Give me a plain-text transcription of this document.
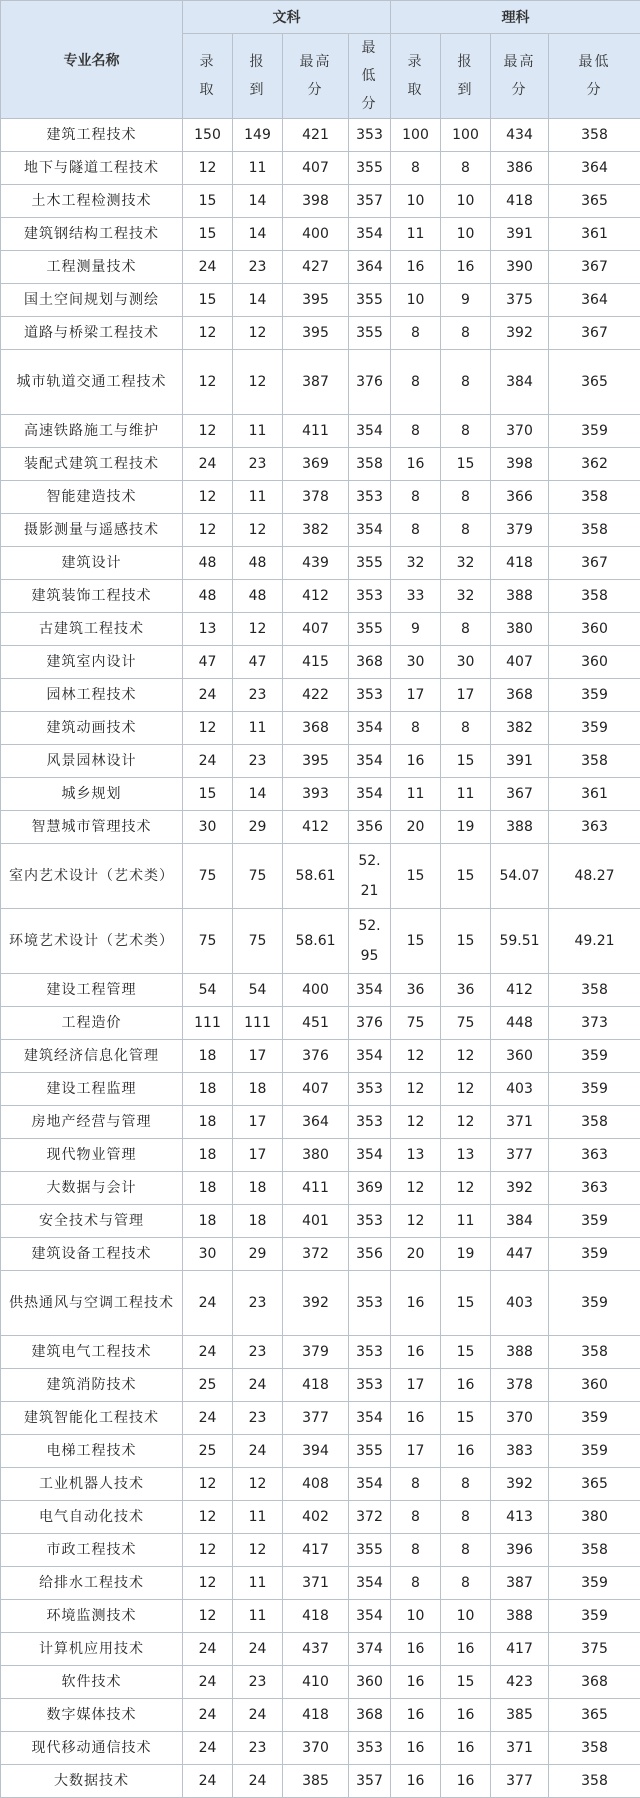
专业名称	文科				理科			

	录取	报到	最高分	最低分	录取	报到	最高分	最低分

建筑工程技术	150	149	421	353	100	100	434	358
地下与隧道工程技术	12	11	407	355	8	8	386	364
土木工程检测技术	15	14	398	357	10	10	418	365
建筑钢结构工程技术	15	14	400	354	11	10	391	361
工程测量技术	24	23	427	364	16	16	390	367
国土空间规划与测绘	15	14	395	355	10	9	375	364
道路与桥梁工程技术	12	12	395	355	8	8	392	367
城市轨道交通工程技术	12	12	387	376	8	8	384	365
高速铁路施工与维护	12	11	411	354	8	8	370	359
装配式建筑工程技术	24	23	369	358	16	15	398	362
智能建造技术	12	11	378	353	8	8	366	358
摄影测量与遥感技术	12	12	382	354	8	8	379	358
建筑设计	48	48	439	355	32	32	418	367
建筑装饰工程技术	48	48	412	353	33	32	388	358
古建筑工程技术	13	12	407	355	9	8	380	360
建筑室内设计	47	47	415	368	30	30	407	360
园林工程技术	24	23	422	353	17	17	368	359
建筑动画技术	12	11	368	354	8	8	382	359
风景园林设计	24	23	395	354	16	15	391	358
城乡规划	15	14	393	354	11	11	367	361
智慧城市管理技术	30	29	412	356	20	19	388	363
室内艺术设计（艺术类）	75	75	58.61	52.21	15	15	54.07	48.27
环境艺术设计（艺术类）	75	75	58.61	52.95	15	15	59.51	49.21
建设工程管理	54	54	400	354	36	36	412	358
工程造价	111	111	451	376	75	75	448	373
建筑经济信息化管理	18	17	376	354	12	12	360	359
建设工程监理	18	18	407	353	12	12	403	359
房地产经营与管理	18	17	364	353	12	12	371	358
现代物业管理	18	17	380	354	13	13	377	363
大数据与会计	18	18	411	369	12	12	392	363
安全技术与管理	18	18	401	353	12	11	384	359
建筑设备工程技术	30	29	372	356	20	19	447	359
供热通风与空调工程技术	24	23	392	353	16	15	403	359
建筑电气工程技术	24	23	379	353	16	15	388	358
建筑消防技术	25	24	418	353	17	16	378	360
建筑智能化工程技术	24	23	377	354	16	15	370	359
电梯工程技术	25	24	394	355	17	16	383	359
工业机器人技术	12	12	408	354	8	8	392	365
电气自动化技术	12	11	402	372	8	8	413	380
市政工程技术	12	12	417	355	8	8	396	358
给排水工程技术	12	11	371	354	8	8	387	359
环境监测技术	12	11	418	354	10	10	388	359
计算机应用技术	24	24	437	374	16	16	417	375
软件技术	24	23	410	360	16	15	423	368
数字媒体技术	24	24	418	368	16	16	385	365
现代移动通信技术	24	23	370	353	16	16	371	358
大数据技术	24	24	385	357	16	16	377	358
